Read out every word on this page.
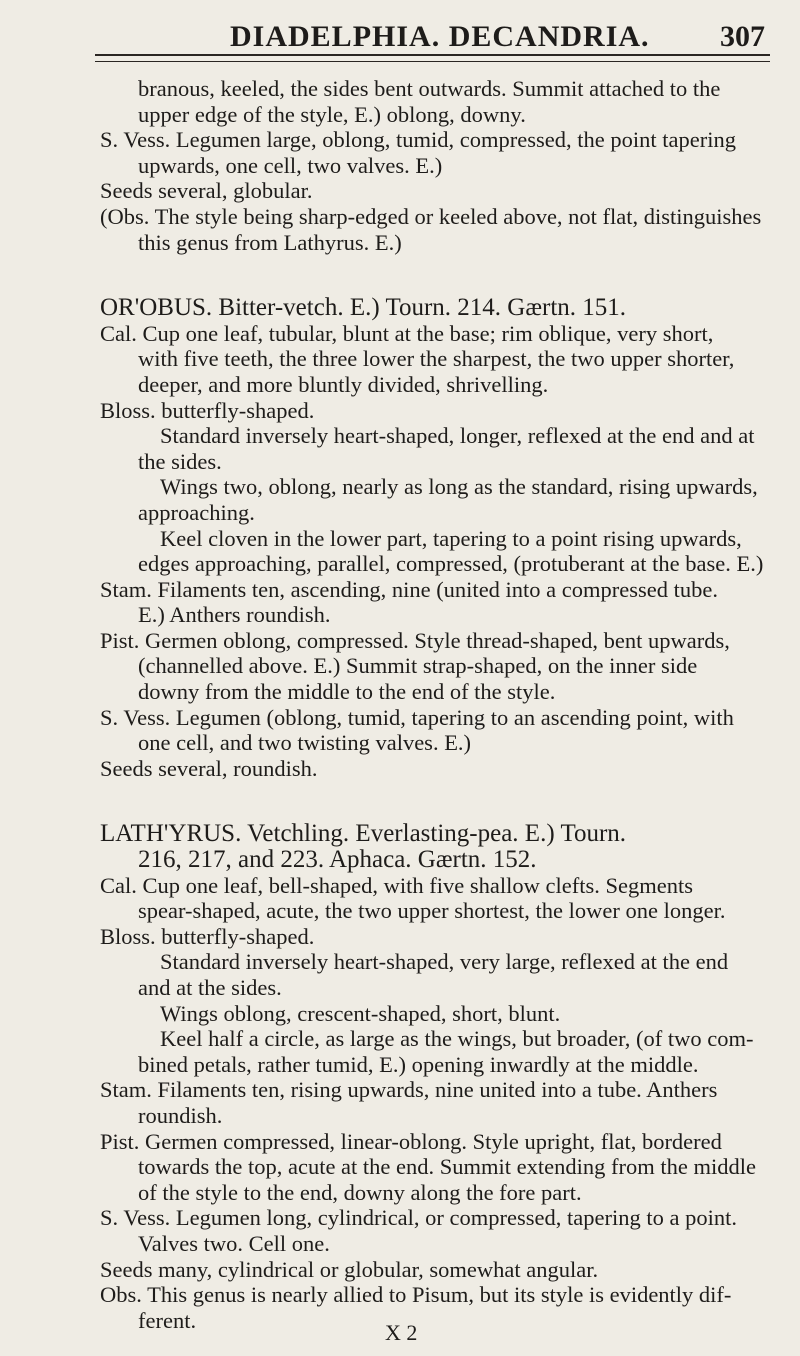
DIADELPHIA. DECANDRIA. 307
branous, keeled, the sides bent outwards. Summit attached to the
upper edge of the style, E.) oblong, downy.
S. Vess. Legumen large, oblong, tumid, compressed, the point tapering
upwards, one cell, two valves. E.)
Seeds several, globular.
(Obs. The style being sharp-edged or keeled above, not flat, distinguishes
this genus from Lathyrus. E.)
OR'OBUS. Bitter-vetch. E.) Tourn. 214. Gærtn. 151.
Cal. Cup one leaf, tubular, blunt at the base; rim oblique, very short,
with five teeth, the three lower the sharpest, the two upper shorter,
deeper, and more bluntly divided, shrivelling.
Bloss. butterfly-shaped.
Standard inversely heart-shaped, longer, reflexed at the end and at
the sides.
Wings two, oblong, nearly as long as the standard, rising upwards,
approaching.
Keel cloven in the lower part, tapering to a point rising upwards,
edges approaching, parallel, compressed, (protuberant at the base. E.)
Stam. Filaments ten, ascending, nine (united into a compressed tube.
E.) Anthers roundish.
Pist. Germen oblong, compressed. Style thread-shaped, bent upwards,
(channelled above. E.) Summit strap-shaped, on the inner side
downy from the middle to the end of the style.
S. Vess. Legumen (oblong, tumid, tapering to an ascending point, with
one cell, and two twisting valves. E.)
Seeds several, roundish.
LATH'YRUS. Vetchling. Everlasting-pea. E.) Tourn.
216, 217, and 223. Aphaca. Gærtn. 152.
Cal. Cup one leaf, bell-shaped, with five shallow clefts. Segments
spear-shaped, acute, the two upper shortest, the lower one longer.
Bloss. butterfly-shaped.
Standard inversely heart-shaped, very large, reflexed at the end
and at the sides.
Wings oblong, crescent-shaped, short, blunt.
Keel half a circle, as large as the wings, but broader, (of two com-
bined petals, rather tumid, E.) opening inwardly at the middle.
Stam. Filaments ten, rising upwards, nine united into a tube. Anthers
roundish.
Pist. Germen compressed, linear-oblong. Style upright, flat, bordered
towards the top, acute at the end. Summit extending from the middle
of the style to the end, downy along the fore part.
S. Vess. Legumen long, cylindrical, or compressed, tapering to a point.
Valves two. Cell one.
Seeds many, cylindrical or globular, somewhat angular.
Obs. This genus is nearly allied to Pisum, but its style is evidently dif-
ferent.	X 2
